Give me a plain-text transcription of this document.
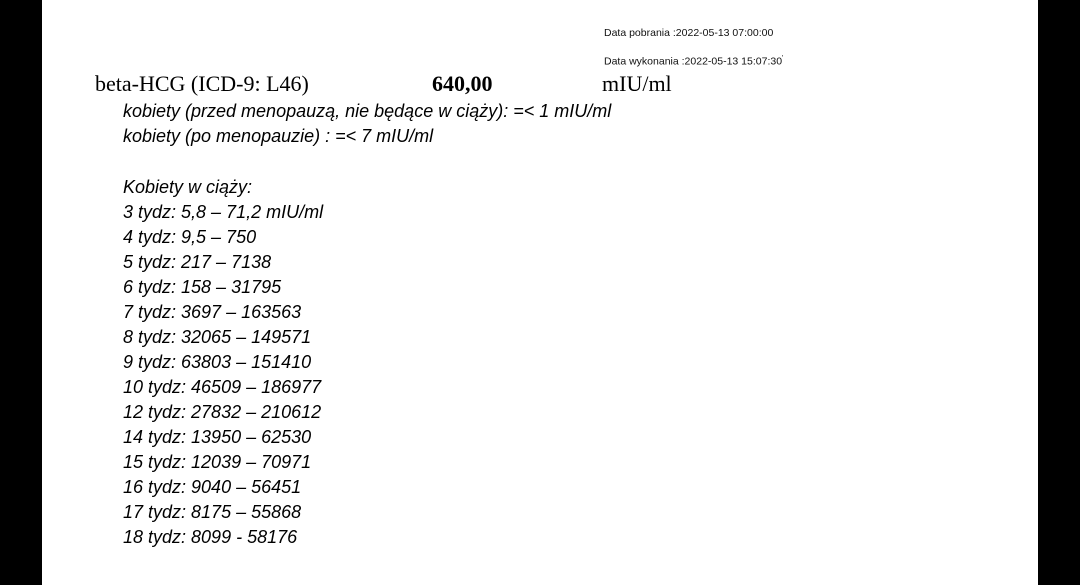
Data pobrania :2022-05-13 07:00:00
Data wykonania :2022-05-13 15:07:30'
beta-HCG (ICD-9: L46)	640,00	mIU/ml
kobiety (przed menopauzą, nie będące w ciąży): =< 1 mIU/ml
kobiety (po menopauzie) : =< 7 mIU/ml
Kobiety w ciąży:
3 tydz: 5,8 – 71,2 mIU/ml
4 tydz: 9,5 – 750
5 tydz: 217 – 7138
6 tydz: 158 – 31795
7 tydz: 3697 – 163563
8 tydz: 32065 – 149571
9 tydz: 63803 – 151410
10 tydz: 46509 – 186977
12 tydz: 27832 – 210612
14 tydz: 13950 – 62530
15 tydz: 12039 – 70971
16 tydz: 9040 – 56451
17 tydz: 8175 – 55868
18 tydz: 8099 - 58176
